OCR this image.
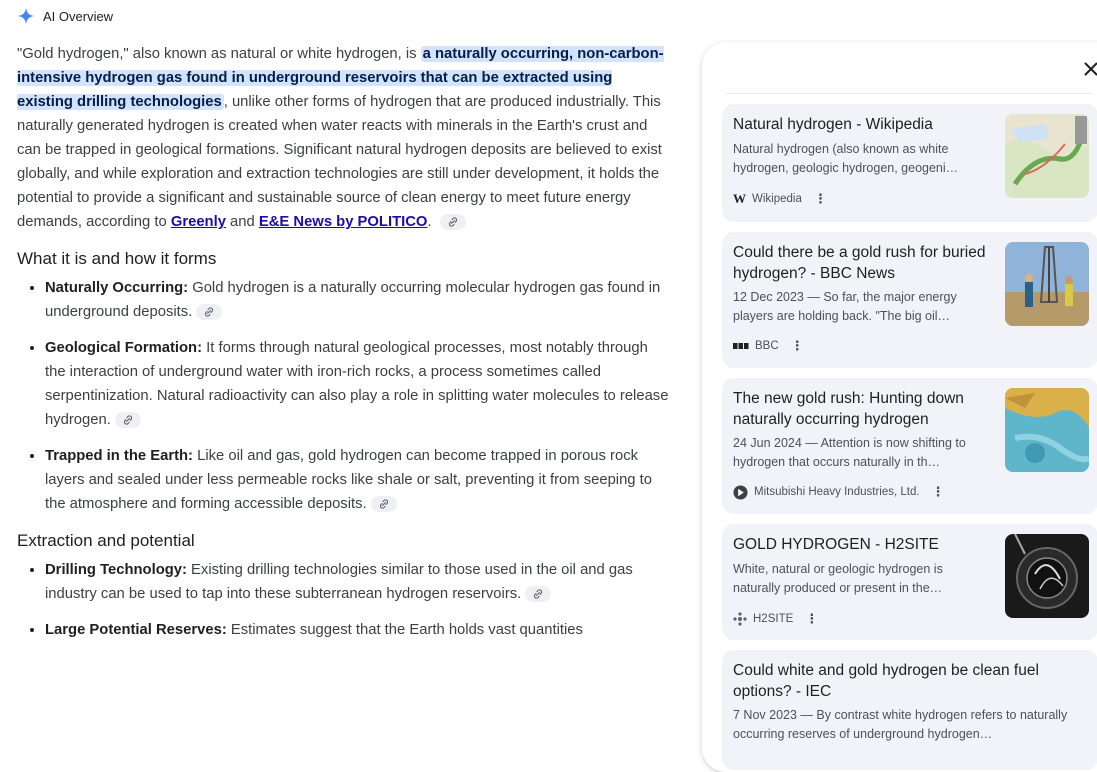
AI Overview

"Gold hydrogen," also known as natural or white hydrogen, is a naturally occurring, non-carbon-intensive hydrogen gas found in underground reservoirs that can be extracted using existing drilling technologies , unlike other forms of hydrogen that are produced industrially. This naturally generated hydrogen is created when water reacts with minerals in the Earth's crust and can be trapped in geological formations. Significant natural hydrogen deposits are believed to exist globally, and while exploration and extraction technologies are still under development, it holds the potential to provide a significant and sustainable source of clean energy to meet future energy demands, according to Greenly and E&E News by POLITICO.

What it is and how it forms
• Naturally Occurring: Gold hydrogen is a naturally occurring molecular hydrogen gas found in underground deposits.
• Geological Formation: It forms through natural geological processes, most notably through the interaction of underground water with iron-rich rocks, a process sometimes called serpentinization. Natural radioactivity can also play a role in splitting water molecules to release hydrogen.
• Trapped in the Earth: Like oil and gas, gold hydrogen can become trapped in porous rock layers and sealed under less permeable rocks like shale or salt, preventing it from seeping to the atmosphere and forming accessible deposits.
Extraction and potential
• Drilling Technology: Existing drilling technologies similar to those used in the oil and gas industry can be used to tap into these subterranean hydrogen reservoirs.
• Large Potential Reserves: Estimates suggest that the Earth holds vast quantities
Natural hydrogen - Wikipedia
Natural hydrogen (also known as white hydrogen, geologic hydrogen, geogeni…
W Wikipedia ⋮
Could there be a gold rush for buried hydrogen? - BBC News
12 Dec 2023 — So far, the major energy players are holding back. "The big oil…
BBC ⋮
The new gold rush: Hunting down naturally occurring hydrogen
24 Jun 2024 — Attention is now shifting to hydrogen that occurs naturally in th…
Mitsubishi Heavy Industries, Ltd. ⋮
GOLD HYDROGEN - H2SITE
White, natural or geologic hydrogen is naturally produced or present in the…
H2SITE ⋮
Could white and gold hydrogen be clean fuel options? - IEC
7 Nov 2023 — By contrast white hydrogen refers to naturally occurring reserves of underground hydrogen…
